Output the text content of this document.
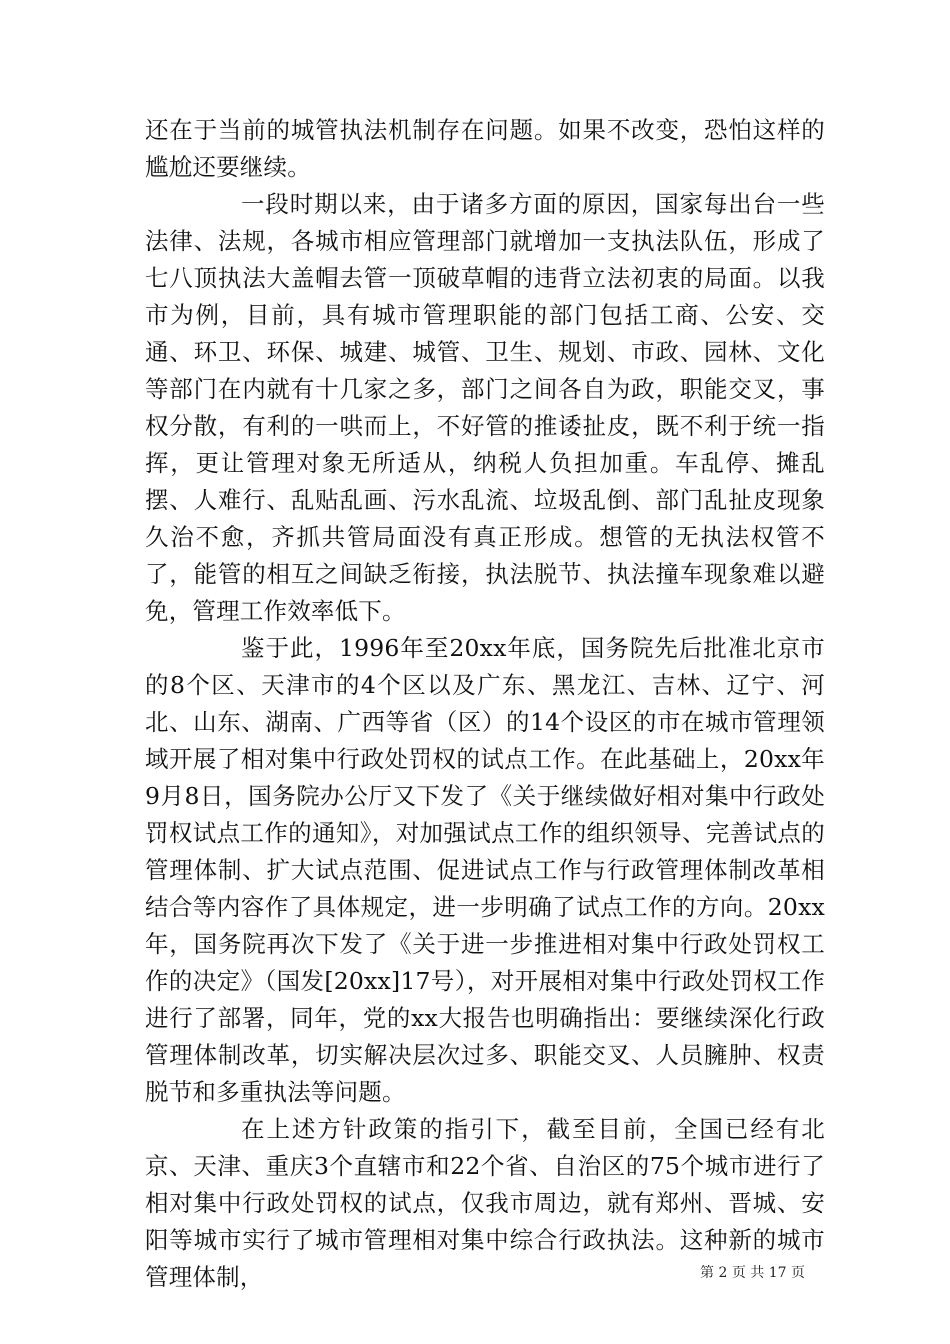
还在于当前的城管执法机制存在问题。如果不改变，恐怕这样的尴尬还要继续。

一段时期以来，由于诸多方面的原因，国家每出台一些法律、法规，各城市相应管理部门就增加一支执法队伍，形成了七八顶执法大盖帽去管一顶破草帽的违背立法初衷的局面。以我市为例，目前，具有城市管理职能的部门包括工商、公安、交通、环卫、环保、城建、城管、卫生、规划、市政、园林、文化等部门在内就有十几家之多，部门之间各自为政，职能交叉，事权分散，有利的一哄而上，不好管的推诿扯皮，既不利于统一指挥，更让管理对象无所适从，纳税人负担加重。车乱停、摊乱摆、人难行、乱贴乱画、污水乱流、垃圾乱倒、部门乱扯皮现象久治不愈，齐抓共管局面没有真正形成。想管的无执法权管不了，能管的相互之间缺乏衔接，执法脱节、执法撞车现象难以避免，管理工作效率低下。

鉴于此，1996年至20xx年底，国务院先后批准北京市的8个区、天津市的4个区以及广东、黑龙江、吉林、辽宁、河北、山东、湖南、广西等省（区）的14个设区的市在城市管理领域开展了相对集中行政处罚权的试点工作。在此基础上，20xx年9月8日，国务院办公厅又下发了《关于继续做好相对集中行政处罚权试点工作的通知》，对加强试点工作的组织领导、完善试点的管理体制、扩大试点范围、促进试点工作与行政管理体制改革相结合等内容作了具体规定，进一步明确了试点工作的方向。20xx年，国务院再次下发了《关于进一步推进相对集中行政处罚权工作的决定》（国发[20xx]17号），对开展相对集中行政处罚权工作进行了部署，同年，党的xx大报告也明确指出：要继续深化行政管理体制改革，切实解决层次过多、职能交叉、人员臃肿、权责脱节和多重执法等问题。

在上述方针政策的指引下，截至目前，全国已经有北京、天津、重庆3个直辖市和22个省、自治区的75个城市进行了相对集中行政处罚权的试点，仅我市周边，就有郑州、晋城、安阳等城市实行了城市管理相对集中综合行政执法。这种新的城市管理体制，	第 2 页 共 17 页
